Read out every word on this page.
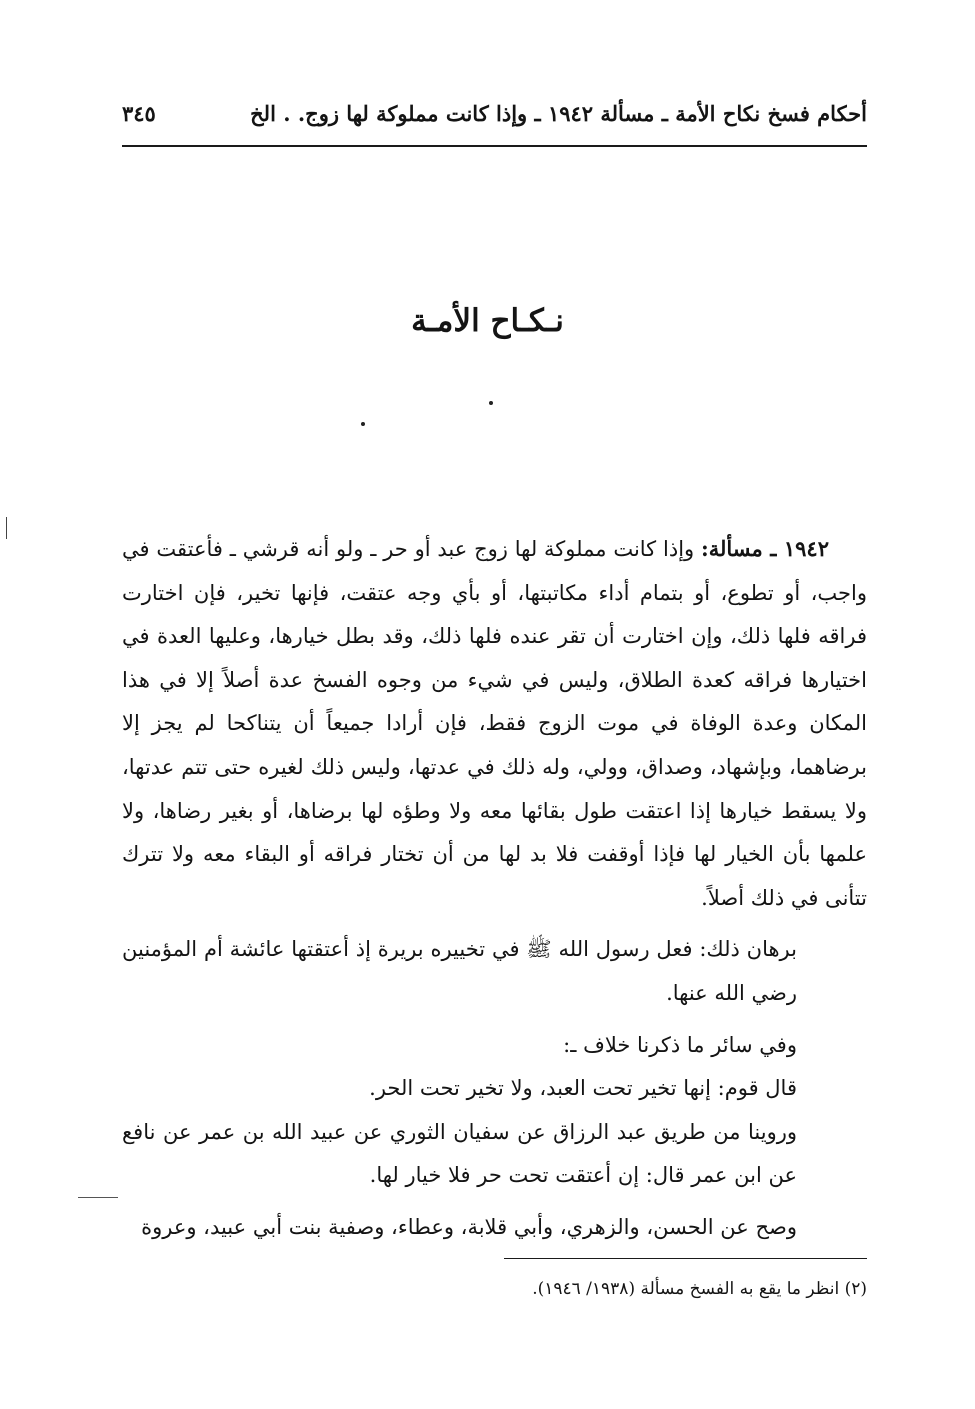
أحكام فسخ نكاح الأمة ـ مسألة ١٩٤٢ ـ وإذا كانت مملوكة لها زوج. . الخ
٣٤٥
نـكـاح الأمـة

١٩٤٢ ـ مسألة: وإذا كانت مملوكة لها زوج عبد أو حر ـ ولو أنه قرشي ـ فأعتقت في واجب، أو تطوع، أو بتمام أداء مكاتبتها، أو بأي وجه عتقت، فإنها تخير، فإن اختارت فراقه فلها ذلك، وإن اختارت أن تقر عنده فلها ذلك، وقد بطل خيارها، وعليها العدة في اختيارها فراقه كعدة الطلاق، وليس في شيء من وجوه الفسخ عدة أصلاً إلا في هذا المكان وعدة الوفاة في موت الزوج فقط، فإن أرادا جميعاً أن يتناكحا لم يجز إلا برضاهما، وبإشهاد، وصداق، وولي، وله ذلك في عدتها، وليس ذلك لغيره حتى تتم عدتها، ولا يسقط خيارها إذا اعتقت طول بقائها معه ولا وطؤه لها برضاها، أو بغير رضاها، ولا علمها بأن الخيار لها فإذا أوقفت فلا بد لها من أن تختار فراقه أو البقاء معه ولا تترك تتأنى في ذلك أصلاً.

برهان ذلك: فعل رسول الله ﷺ في تخييره بريرة إذ أعتقتها عائشة أم المؤمنين رضي الله عنها.

وفي سائر ما ذكرنا خلاف ـ:

قال قوم: إنها تخير تحت العبد، ولا تخير تحت الحر.

وروينا من طريق عبد الرزاق عن سفيان الثوري عن عبيد الله بن عمر عن نافع عن ابن عمر قال: إن أعتقت تحت حر فلا خيار لها.

وصح عن الحسن، والزهري، وأبي قلابة، وعطاء، وصفية بنت أبي عبيد، وعروة

(٢) انظر ما يقع به الفسخ مسألة (١٩٣٨/ ١٩٤٦).
